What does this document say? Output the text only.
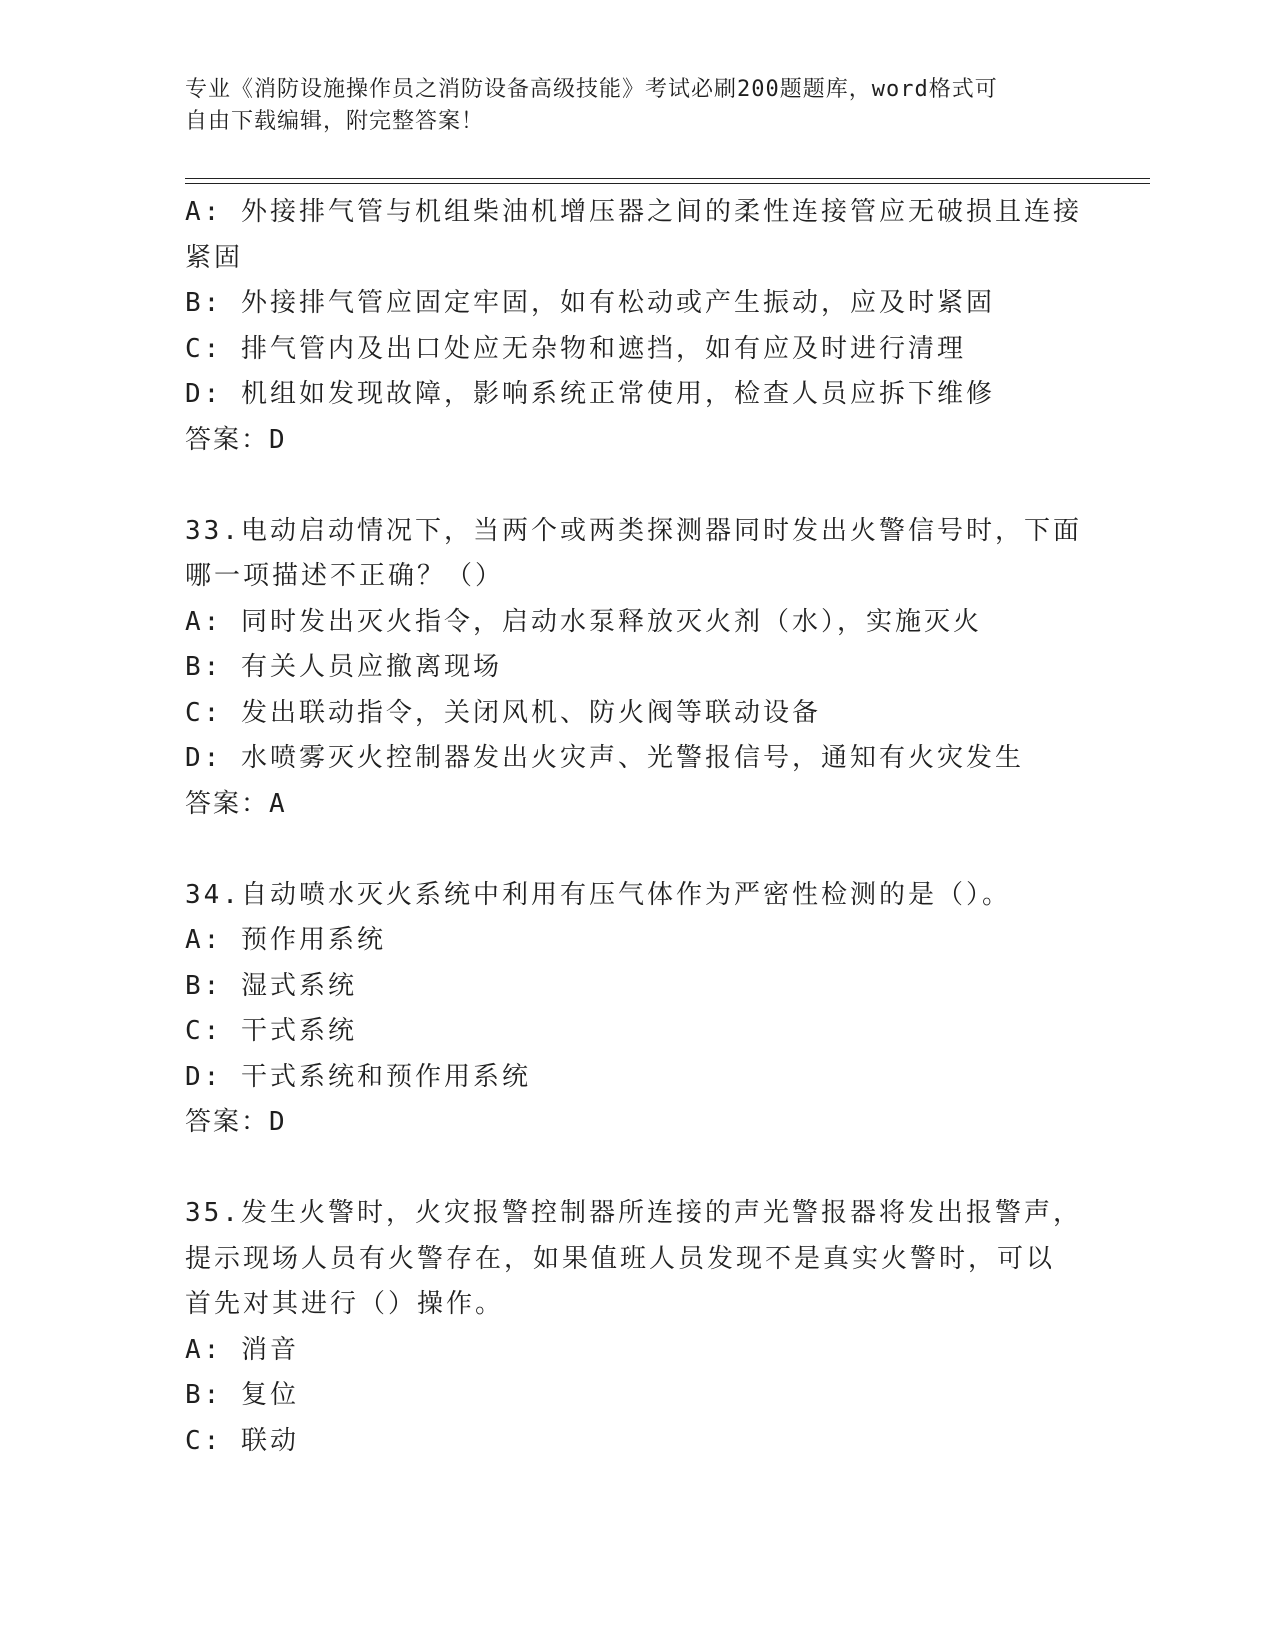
专业《消防设施操作员之消防设备高级技能》考试必刷200题题库，word格式可
自由下载编辑，附完整答案！
A: 外接排气管与机组柴油机增压器之间的柔性连接管应无破损且连接
紧固
B: 外接排气管应固定牢固，如有松动或产生振动，应及时紧固
C: 排气管内及出口处应无杂物和遮挡，如有应及时进行清理
D: 机组如发现故障，影响系统正常使用，检查人员应拆下维修
答案：D
33.电动启动情况下，当两个或两类探测器同时发出火警信号时，下面
哪一项描述不正确？（）
A: 同时发出灭火指令，启动水泵释放灭火剂（水），实施灭火
B: 有关人员应撤离现场
C: 发出联动指令，关闭风机、防火阀等联动设备
D: 水喷雾灭火控制器发出火灾声、光警报信号，通知有火灾发生
答案：A
34.自动喷水灭火系统中利用有压气体作为严密性检测的是（）。
A: 预作用系统
B: 湿式系统
C: 干式系统
D: 干式系统和预作用系统
答案：D
35.发生火警时，火灾报警控制器所连接的声光警报器将发出报警声，
提示现场人员有火警存在，如果值班人员发现不是真实火警时，可以
首先对其进行（）操作。
A: 消音
B: 复位
C: 联动
